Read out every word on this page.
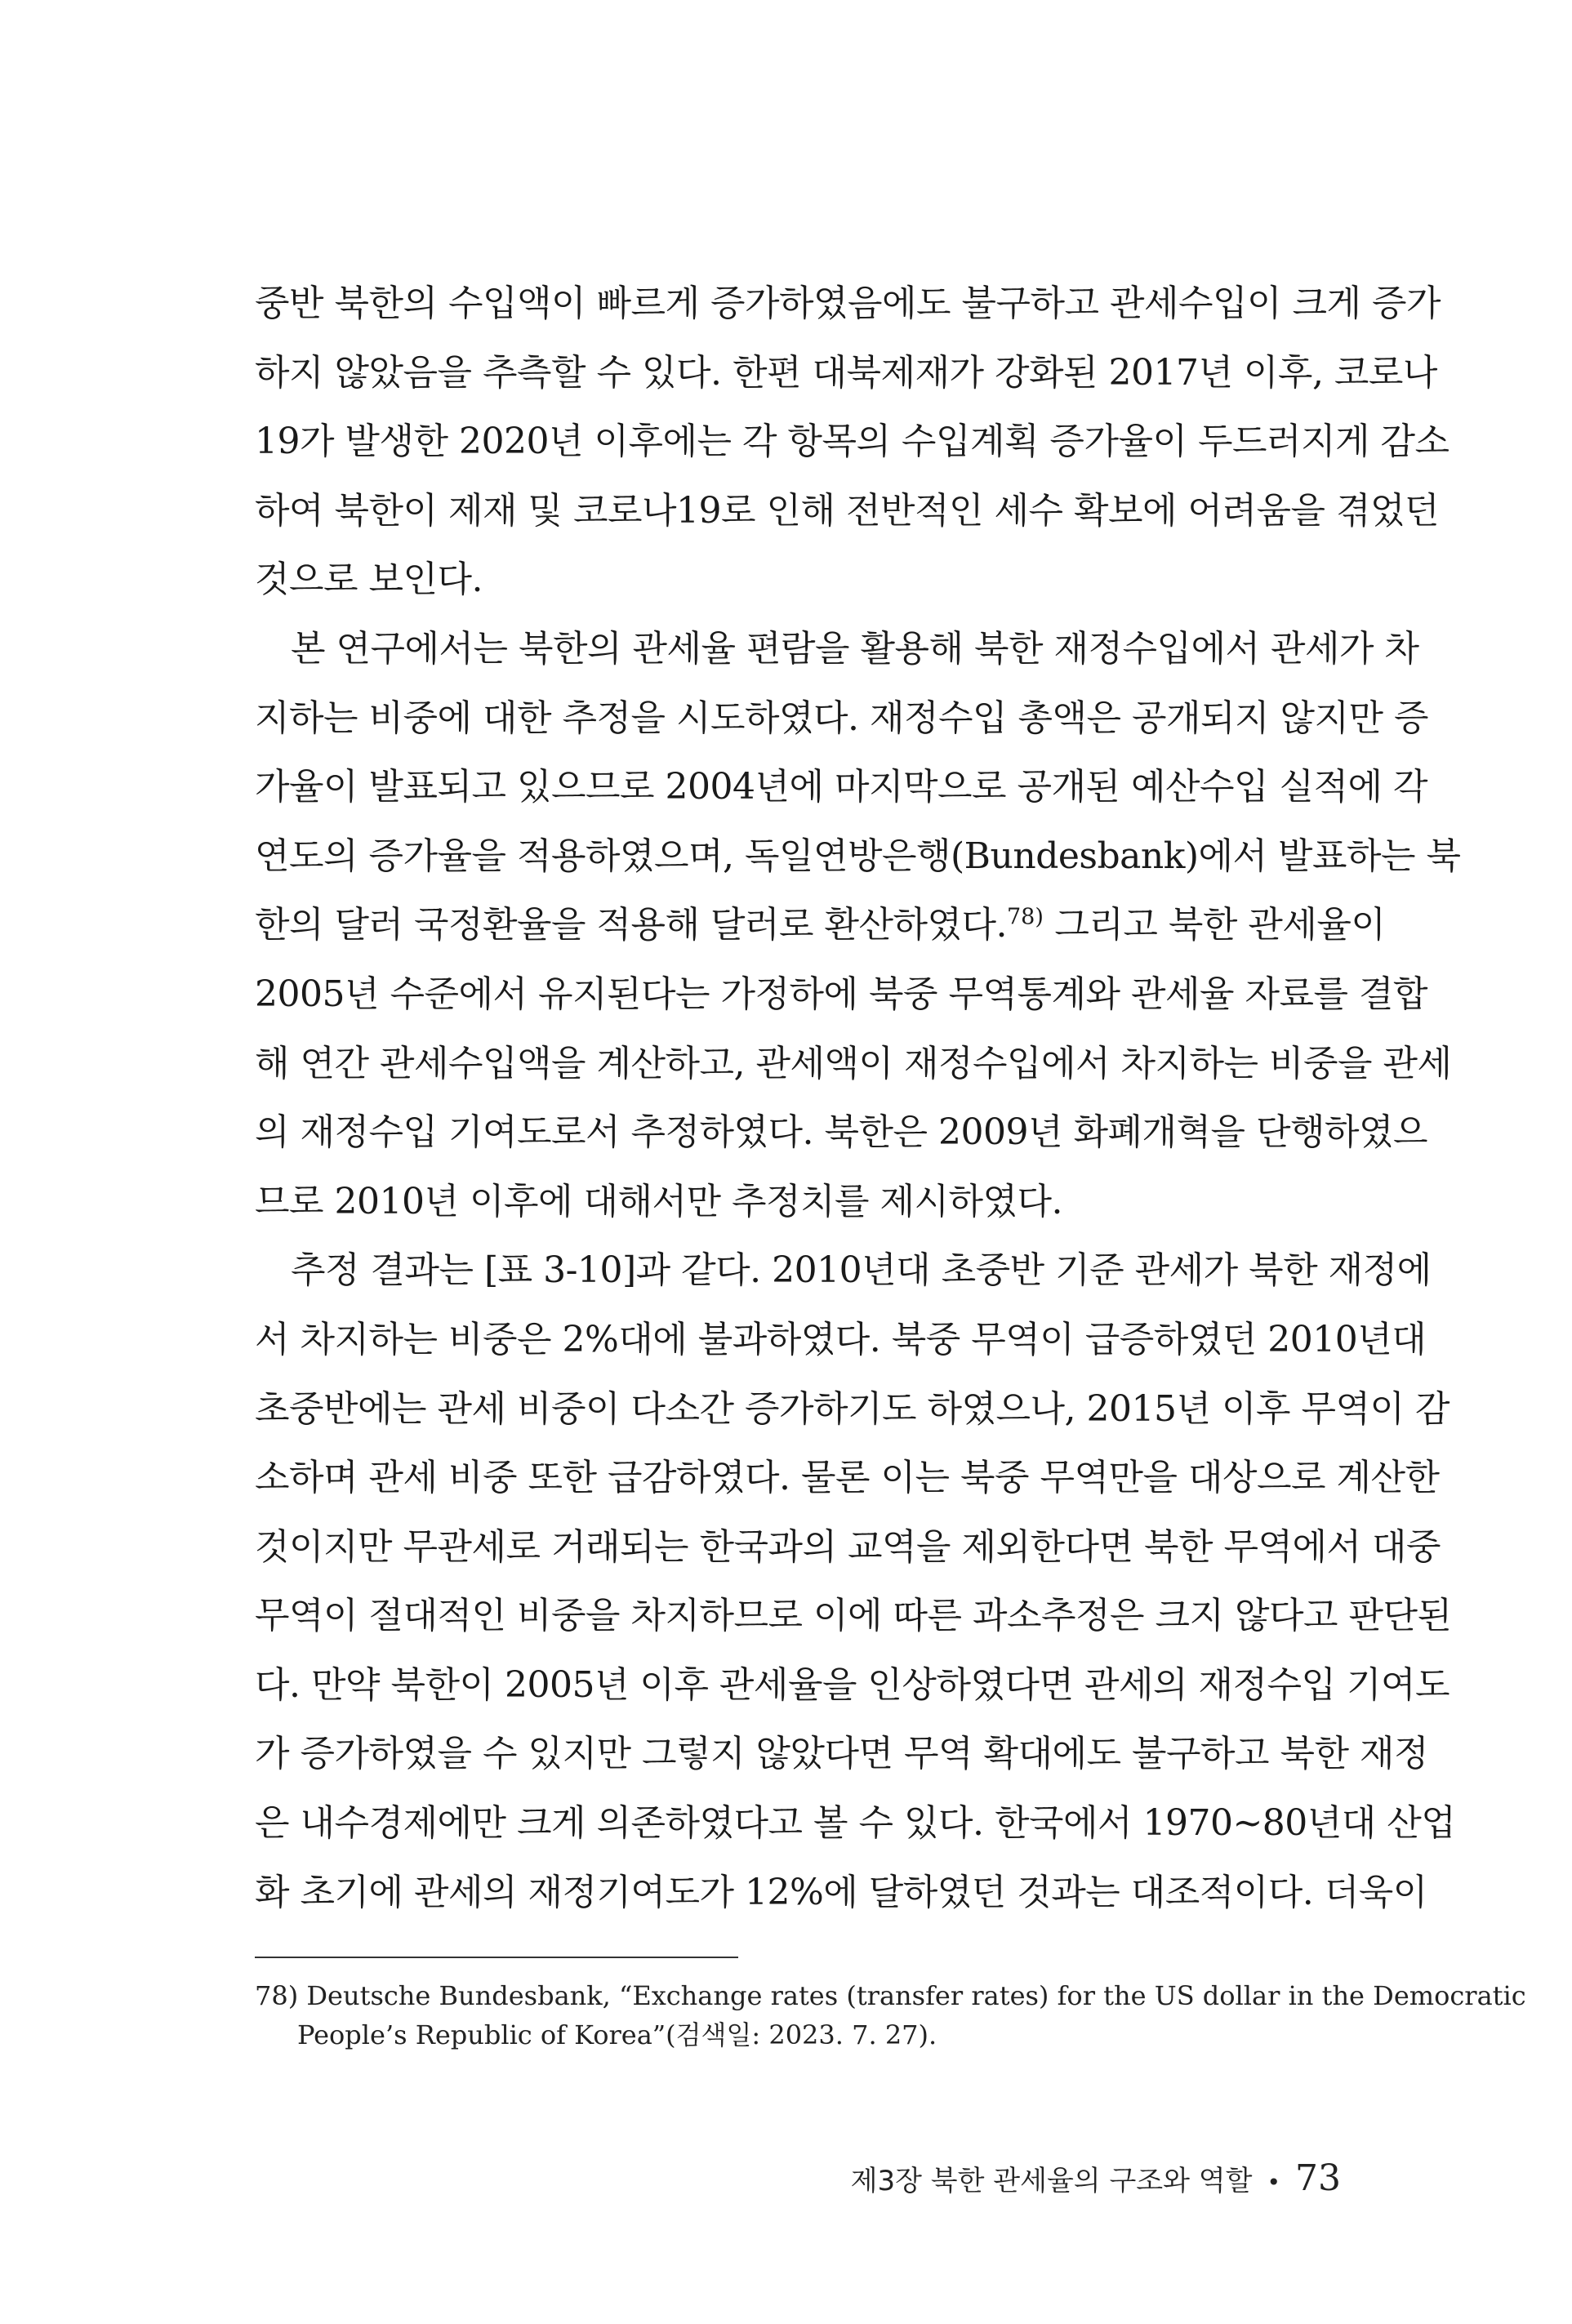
중반 북한의 수입액이 빠르게 증가하였음에도 불구하고 관세수입이 크게 증가
하지 않았음을 추측할 수 있다. 한편 대북제재가 강화된 2017년 이후, 코로나
19가 발생한 2020년 이후에는 각 항목의 수입계획 증가율이 두드러지게 감소
하여 북한이 제재 및 코로나19로 인해 전반적인 세수 확보에 어려움을 겪었던
것으로 보인다.
본 연구에서는 북한의 관세율 편람을 활용해 북한 재정수입에서 관세가 차
지하는 비중에 대한 추정을 시도하였다. 재정수입 총액은 공개되지 않지만 증
가율이 발표되고 있으므로 2004년에 마지막으로 공개된 예산수입 실적에 각
연도의 증가율을 적용하였으며, 독일연방은행(Bundesbank)에서 발표하는 북
한의 달러 국정환율을 적용해 달러로 환산하였다.$^{78)}$ 그리고 북한 관세율이
2005년 수준에서 유지된다는 가정하에 북중 무역통계와 관세율 자료를 결합
해 연간 관세수입액을 계산하고, 관세액이 재정수입에서 차지하는 비중을 관세
의 재정수입 기여도로서 추정하였다. 북한은 2009년 화폐개혁을 단행하였으
므로 2010년 이후에 대해서만 추정치를 제시하였다.
추정 결과는 [표 3-10]과 같다. 2010년대 초중반 기준 관세가 북한 재정에
서 차지하는 비중은 2%대에 불과하였다. 북중 무역이 급증하였던 2010년대
초중반에는 관세 비중이 다소간 증가하기도 하였으나, 2015년 이후 무역이 감
소하며 관세 비중 또한 급감하였다. 물론 이는 북중 무역만을 대상으로 계산한
것이지만 무관세로 거래되는 한국과의 교역을 제외한다면 북한 무역에서 대중
무역이 절대적인 비중을 차지하므로 이에 따른 과소추정은 크지 않다고 판단된
다. 만약 북한이 2005년 이후 관세율을 인상하였다면 관세의 재정수입 기여도
가 증가하였을 수 있지만 그렇지 않았다면 무역 확대에도 불구하고 북한 재정
은 내수경제에만 크게 의존하였다고 볼 수 있다. 한국에서 1970~80년대 산업
화 초기에 관세의 재정기여도가 12%에 달하였던 것과는 대조적이다. 더욱이
78) Deutsche Bundesbank, “Exchange rates (transfer rates) for the US dollar in the Democratic
People’s Republic of Korea”(검색일: 2023. 7. 27).
제3장 북한 관세율의 구조와 역할 • 73
